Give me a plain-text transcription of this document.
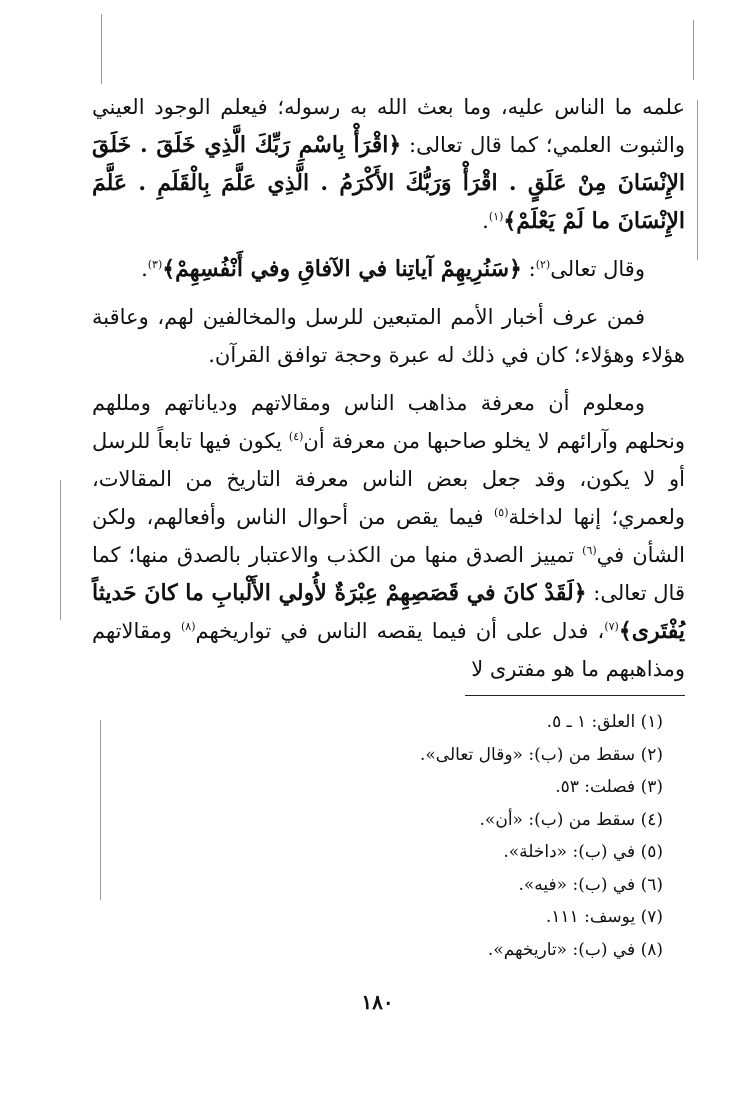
علمه ما الناس عليه، وما بعث الله به رسوله؛ فيعلم الوجود العيني والثبوت العلمي؛ كما قال تعالى: ﴿اقْرَأْ بِاسْمِ رَبِّكَ الَّذِي خَلَقَ . خَلَقَ الإِنْسَانَ مِنْ عَلَقٍ . اقْرَأْ وَرَبُّكَ الأَكْرَمُ . الَّذِي عَلَّمَ بِالْقَلَمِ . عَلَّمَ الإِنْسَانَ ما لَمْ يَعْلَمْ﴾$^{(١)}$.

وقال تعالى$^{(٢)}$: ﴿سَنُرِيهِمْ آياتِنا في الآفاقِ وفي أَنْفُسِهِمْ﴾$^{(٣)}$.

فمن عرف أخبار الأمم المتبعين للرسل والمخالفين لهم، وعاقبة هؤلاء وهؤلاء؛ كان في ذلك له عبرة وحجة توافق القرآن.

ومعلوم أن معرفة مذاهب الناس ومقالاتهم ودياناتهم ومللهم ونحلهم وآرائهم لا يخلو صاحبها من معرفة أن$^{(٤)}$ يكون فيها تابعاً للرسل أو لا يكون، وقد جعل بعض الناس معرفة التاريخ من المقالات، ولعمري؛ إنها لداخلة$^{(٥)}$ فيما يقص من أحوال الناس وأفعالهم، ولكن الشأن في$^{(٦)}$ تمييز الصدق منها من الكذب والاعتبار بالصدق منها؛ كما قال تعالى: ﴿لَقَدْ كانَ في قَصَصِهِمْ عِبْرَةٌ لأُولي الأَلْبابِ ما كانَ حَديثاً يُفْتَرى﴾$^{(٧)}$، فدل على أن فيما يقصه الناس في تواريخهم$^{(٨)}$ ومقالاتهم ومذاهبهم ما هو مفترى لا

(١) العلق: ١ ـ ٥.
(٢) سقط من (ب): «وقال تعالى».
(٣) فصلت: ٥٣.
(٤) سقط من (ب): «أن».
(٥) في (ب): «داخلة».
(٦) في (ب): «فيه».
(٧) يوسف: ١١١.
(٨) في (ب): «تاريخهم».
١٨٠
